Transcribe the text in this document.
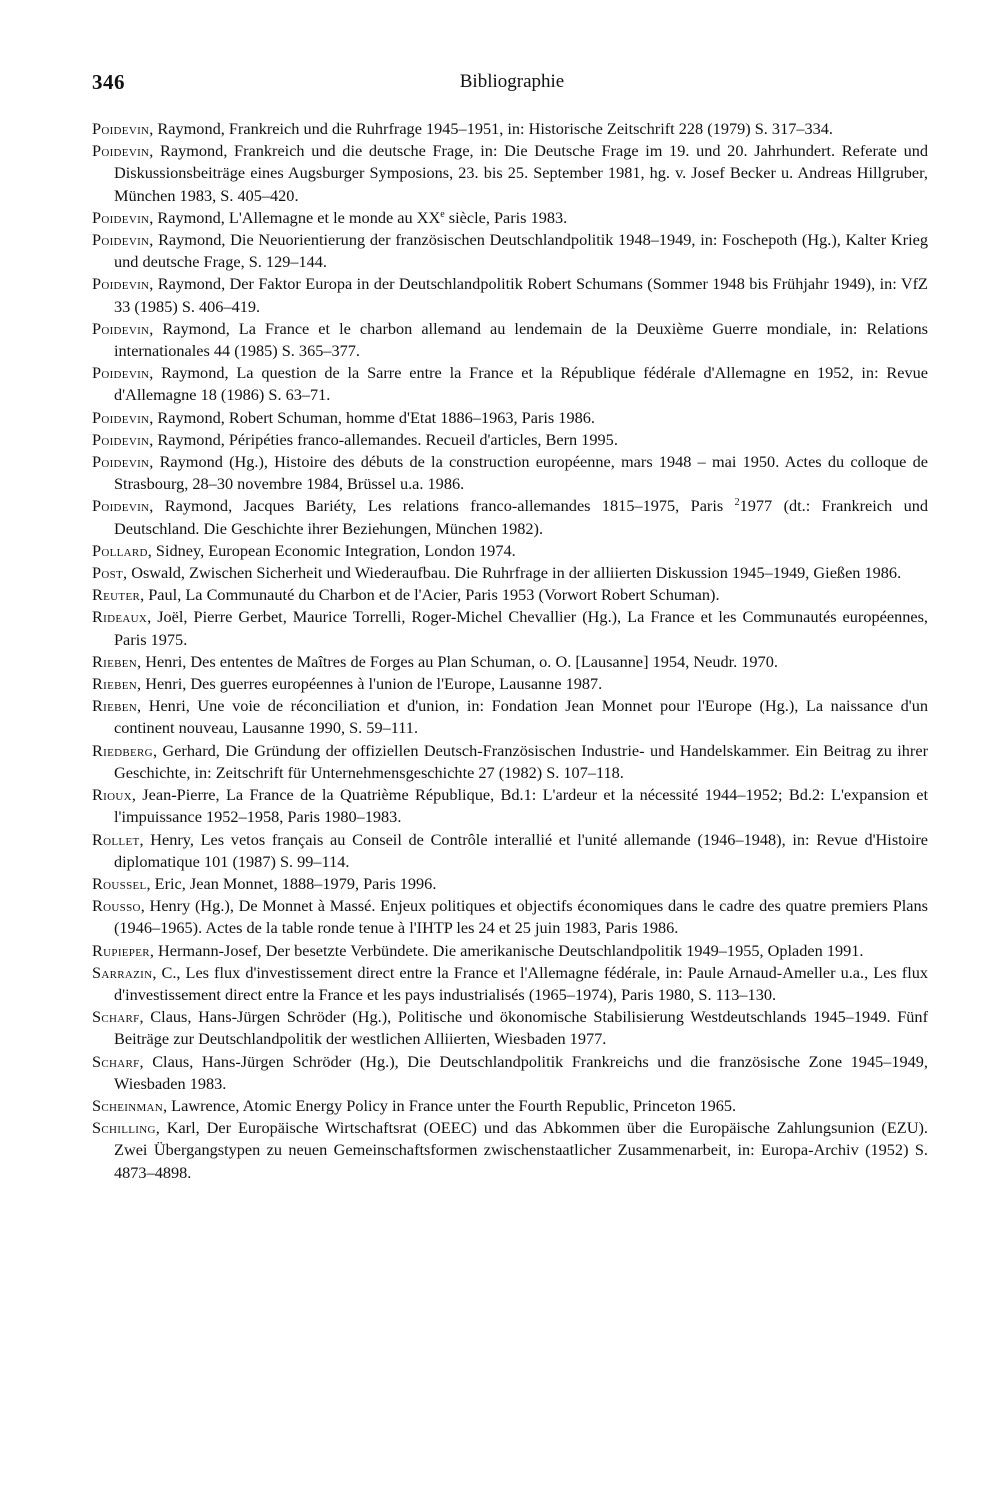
346	Bibliographie

Poidevin, Raymond, Frankreich und die Ruhrfrage 1945–1951, in: Historische Zeitschrift 228 (1979) S. 317–334.

Poidevin, Raymond, Frankreich und die deutsche Frage, in: Die Deutsche Frage im 19. und 20. Jahrhundert. Referate und Diskussionsbeiträge eines Augsburger Symposions, 23. bis 25. September 1981, hg. v. Josef Becker u. Andreas Hillgruber, München 1983, S. 405–420.

Poidevin, Raymond, L'Allemagne et le monde au XXe siècle, Paris 1983.

Poidevin, Raymond, Die Neuorientierung der französischen Deutschlandpolitik 1948–1949, in: Foschepoth (Hg.), Kalter Krieg und deutsche Frage, S. 129–144.

Poidevin, Raymond, Der Faktor Europa in der Deutschlandpolitik Robert Schumans (Sommer 1948 bis Frühjahr 1949), in: VfZ 33 (1985) S. 406–419.

Poidevin, Raymond, La France et le charbon allemand au lendemain de la Deuxième Guerre mondiale, in: Relations internationales 44 (1985) S. 365–377.

Poidevin, Raymond, La question de la Sarre entre la France et la République fédérale d'Allemagne en 1952, in: Revue d'Allemagne 18 (1986) S. 63–71.

Poidevin, Raymond, Robert Schuman, homme d'Etat 1886–1963, Paris 1986.

Poidevin, Raymond, Péripéties franco-allemandes. Recueil d'articles, Bern 1995.

Poidevin, Raymond (Hg.), Histoire des débuts de la construction européenne, mars 1948 – mai 1950. Actes du colloque de Strasbourg, 28–30 novembre 1984, Brüssel u.a. 1986.

Poidevin, Raymond, Jacques Bariéty, Les relations franco-allemandes 1815–1975, Paris $^2$1977 (dt.: Frankreich und Deutschland. Die Geschichte ihrer Beziehungen, München 1982).

Pollard, Sidney, European Economic Integration, London 1974.

Post, Oswald, Zwischen Sicherheit und Wiederaufbau. Die Ruhrfrage in der alliierten Diskussion 1945–1949, Gießen 1986.

Reuter, Paul, La Communauté du Charbon et de l'Acier, Paris 1953 (Vorwort Robert Schuman).

Rideaux, Joël, Pierre Gerbet, Maurice Torrelli, Roger-Michel Chevallier (Hg.), La France et les Communautés européennes, Paris 1975.

Rieben, Henri, Des ententes de Maîtres de Forges au Plan Schuman, o. O. [Lausanne] 1954, Neudr. 1970.

Rieben, Henri, Des guerres européennes à l'union de l'Europe, Lausanne 1987.

Rieben, Henri, Une voie de réconciliation et d'union, in: Fondation Jean Monnet pour l'Europe (Hg.), La naissance d'un continent nouveau, Lausanne 1990, S. 59–111.

Riedberg, Gerhard, Die Gründung der offiziellen Deutsch-Französischen Industrie- und Handelskammer. Ein Beitrag zu ihrer Geschichte, in: Zeitschrift für Unternehmensgeschichte 27 (1982) S. 107–118.

Rioux, Jean-Pierre, La France de la Quatrième République, Bd.1: L'ardeur et la nécessité 1944–1952; Bd.2: L'expansion et l'impuissance 1952–1958, Paris 1980–1983.

Rollet, Henry, Les vetos français au Conseil de Contrôle interallié et l'unité allemande (1946–1948), in: Revue d'Histoire diplomatique 101 (1987) S. 99–114.

Roussel, Eric, Jean Monnet, 1888–1979, Paris 1996.

Rousso, Henry (Hg.), De Monnet à Massé. Enjeux politiques et objectifs économiques dans le cadre des quatre premiers Plans (1946–1965). Actes de la table ronde tenue à l'IHTP les 24 et 25 juin 1983, Paris 1986.

Rupieper, Hermann-Josef, Der besetzte Verbündete. Die amerikanische Deutschlandpolitik 1949–1955, Opladen 1991.

Sarrazin, C., Les flux d'investissement direct entre la France et l'Allemagne fédérale, in: Paule Arnaud-Ameller u.a., Les flux d'investissement direct entre la France et les pays industrialisés (1965–1974), Paris 1980, S. 113–130.

Scharf, Claus, Hans-Jürgen Schröder (Hg.), Politische und ökonomische Stabilisierung Westdeutschlands 1945–1949. Fünf Beiträge zur Deutschlandpolitik der westlichen Alliierten, Wiesbaden 1977.

Scharf, Claus, Hans-Jürgen Schröder (Hg.), Die Deutschlandpolitik Frankreichs und die französische Zone 1945–1949, Wiesbaden 1983.

Scheinman, Lawrence, Atomic Energy Policy in France unter the Fourth Republic, Princeton 1965.

Schilling, Karl, Der Europäische Wirtschaftsrat (OEEC) und das Abkommen über die Europäische Zahlungsunion (EZU). Zwei Übergangstypen zu neuen Gemeinschaftsformen zwischenstaatlicher Zusammenarbeit, in: Europa-Archiv (1952) S. 4873–4898.
